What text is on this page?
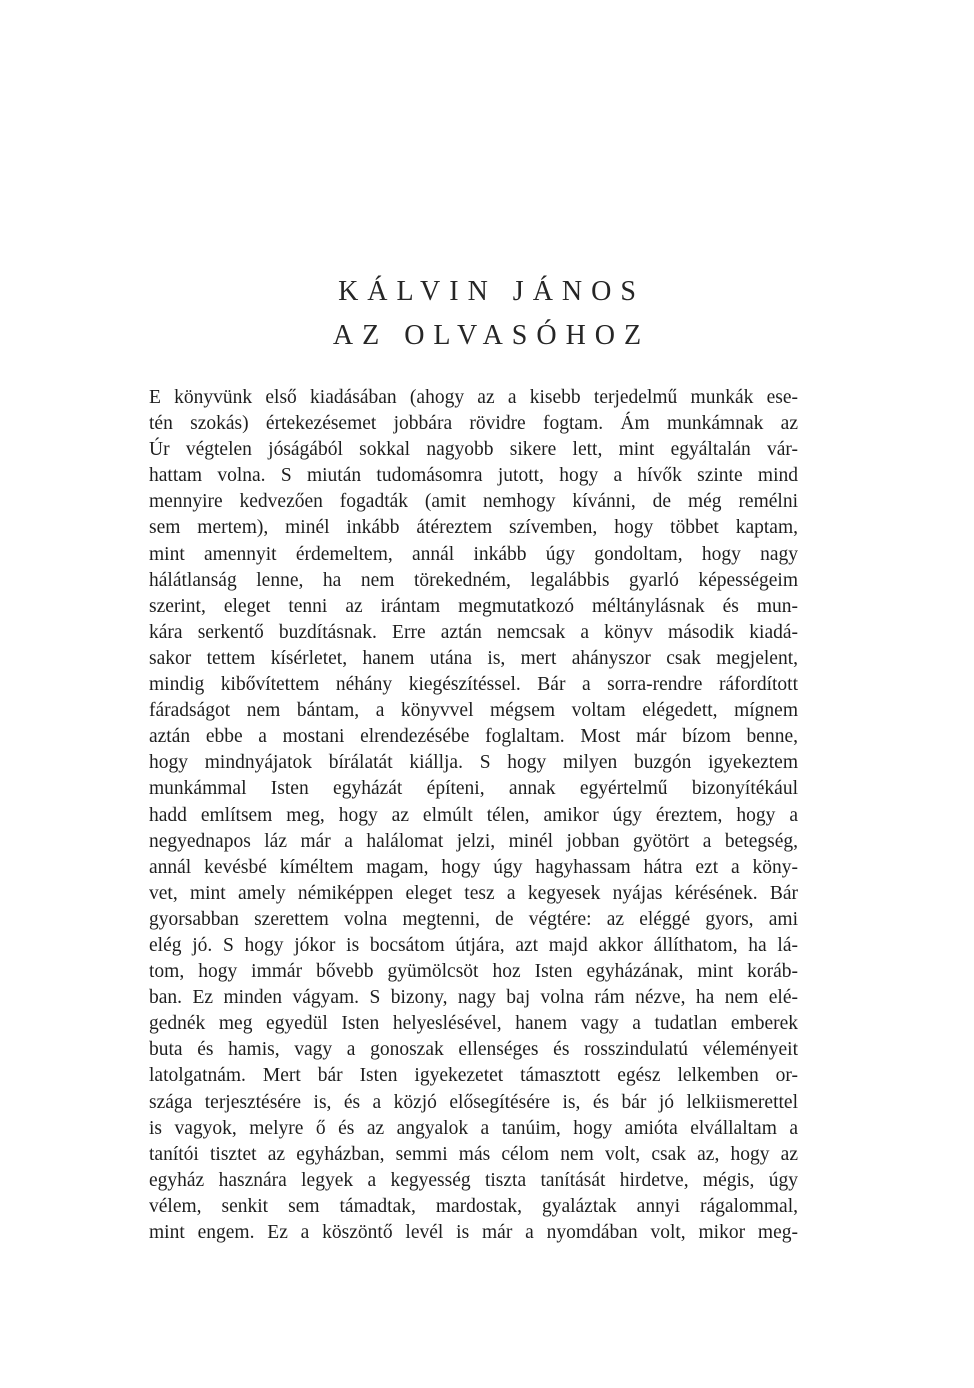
KÁLVIN JÁNOS
AZ OLVASÓHOZ
E könyvünk első kiadásában (ahogy az a kisebb terjedelmű munkák ese-
tén szokás) értekezésemet jobbára rövidre fogtam. Ám munkámnak az
Úr végtelen jóságából sokkal nagyobb sikere lett, mint egyáltalán vár-
hattam volna. S miután tudomásomra jutott, hogy a hívők szinte mind
mennyire kedvezően fogadták (amit nemhogy kívánni, de még remélni
sem mertem), minél inkább átéreztem szívemben, hogy többet kaptam,
mint amennyit érdemeltem, annál inkább úgy gondoltam, hogy nagy
hálátlanság lenne, ha nem törekedném, legalábbis gyarló képességeim
szerint, eleget tenni az irántam megmutatkozó méltánylásnak és mun-
kára serkentő buzdításnak. Erre aztán nemcsak a könyv második kiadá-
sakor tettem kísérletet, hanem utána is, mert ahányszor csak megjelent,
mindig kibővítettem néhány kiegészítéssel. Bár a sorra-rendre ráfordított
fáradságot nem bántam, a könyvvel mégsem voltam elégedett, mígnem
aztán ebbe a mostani elrendezésébe foglaltam. Most már bízom benne,
hogy mindnyájatok bírálatát kiállja. S hogy milyen buzgón igyekeztem
munkámmal Isten egyházát építeni, annak egyértelmű bizonyítékául
hadd említsem meg, hogy az elmúlt télen, amikor úgy éreztem, hogy a
negyednapos láz már a halálomat jelzi, minél jobban gyötört a betegség,
annál kevésbé kíméltem magam, hogy úgy hagyhassam hátra ezt a köny-
vet, mint amely némiképpen eleget tesz a kegyesek nyájas kérésének. Bár
gyorsabban szerettem volna megtenni, de végtére: az eléggé gyors, ami
elég jó. S hogy jókor is bocsátom útjára, azt majd akkor állíthatom, ha lá-
tom, hogy immár bővebb gyümölcsöt hoz Isten egyházának, mint koráb-
ban. Ez minden vágyam. S bizony, nagy baj volna rám nézve, ha nem elé-
gednék meg egyedül Isten helyeslésével, hanem vagy a tudatlan emberek
buta és hamis, vagy a gonoszak ellenséges és rosszindulatú véleményeit
latolgatnám. Mert bár Isten igyekezetet támasztott egész lelkemben or-
szága terjesztésére is, és a közjó elősegítésére is, és bár jó lelkiismerettel
is vagyok, melyre ő és az angyalok a tanúim, hogy amióta elvállaltam a
tanítói tisztet az egyházban, semmi más célom nem volt, csak az, hogy az
egyház hasznára legyek a kegyesség tiszta tanítását hirdetve, mégis, úgy
vélem, senkit sem támadtak, mardostak, gyaláztak annyi rágalommal,
mint engem. Ez a köszöntő levél is már a nyomdában volt, mikor meg-
